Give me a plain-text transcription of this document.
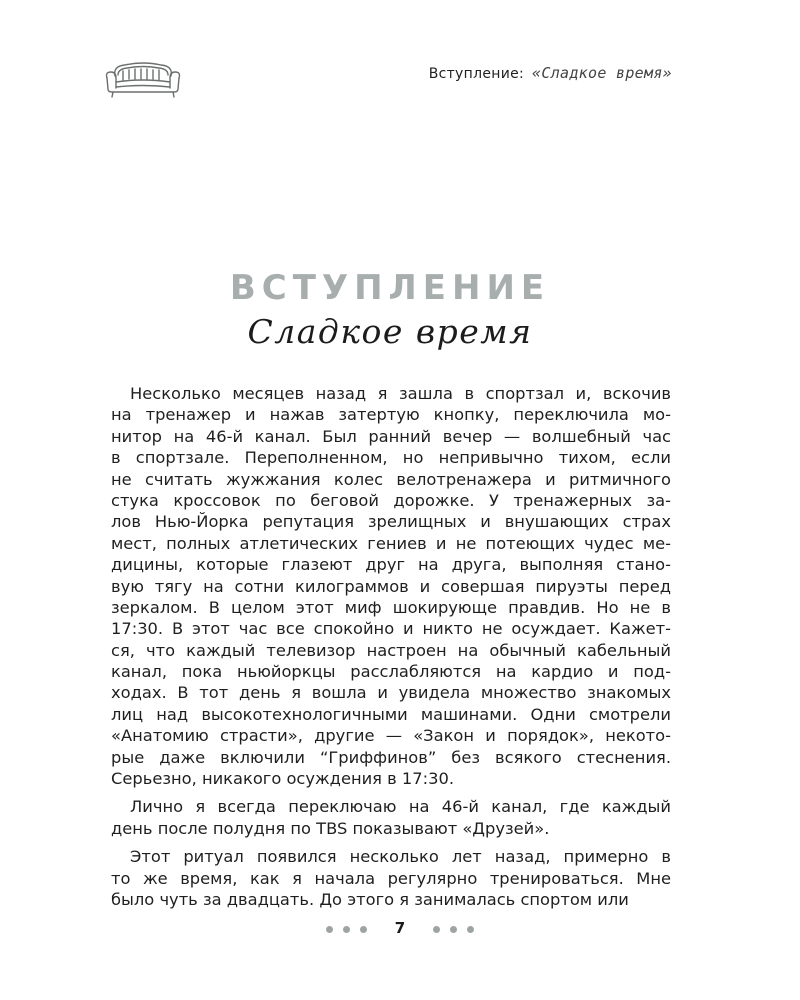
Вступление: «Сладкое время»
ВСТУПЛЕНИЕ
Сладкое время
Несколько месяцев назад я зашла в спортзал и, вскочив
на тренажер и нажав затертую кнопку, переключила мо-
нитор на 46-й канал. Был ранний вечер — волшебный час
в спортзале. Переполненном, но непривычно тихом, если
не считать жужжания колес велотренажера и ритмичного
стука кроссовок по беговой дорожке. У тренажерных за-
лов Нью-Йорка репутация зрелищных и внушающих страх
мест, полных атлетических гениев и не потеющих чудес ме-
дицины, которые глазеют друг на друга, выполняя стано-
вую тягу на сотни килограммов и совершая пируэты перед
зеркалом. В целом этот миф шокирующе правдив. Но не в
17:30. В этот час все спокойно и никто не осуждает. Кажет-
ся, что каждый телевизор настроен на обычный кабельный
канал, пока ньюйоркцы расслабляются на кардио и под-
ходах. В тот день я вошла и увидела множество знакомых
лиц над высокотехнологичными машинами. Одни смотрели
«Анатомию страсти», другие — «Закон и порядок», некото-
рые даже включили “Гриффинов” без всякого стеснения.
Серьезно, никакого осуждения в 17:30.
Лично я всегда переключаю на 46-й канал, где каждый
день после полудня по TBS показывают «Друзей».
Этот ритуал появился несколько лет назад, примерно в
то же время, как я начала регулярно тренироваться. Мне
было чуть за двадцать. До этого я занималась спортом или
7
